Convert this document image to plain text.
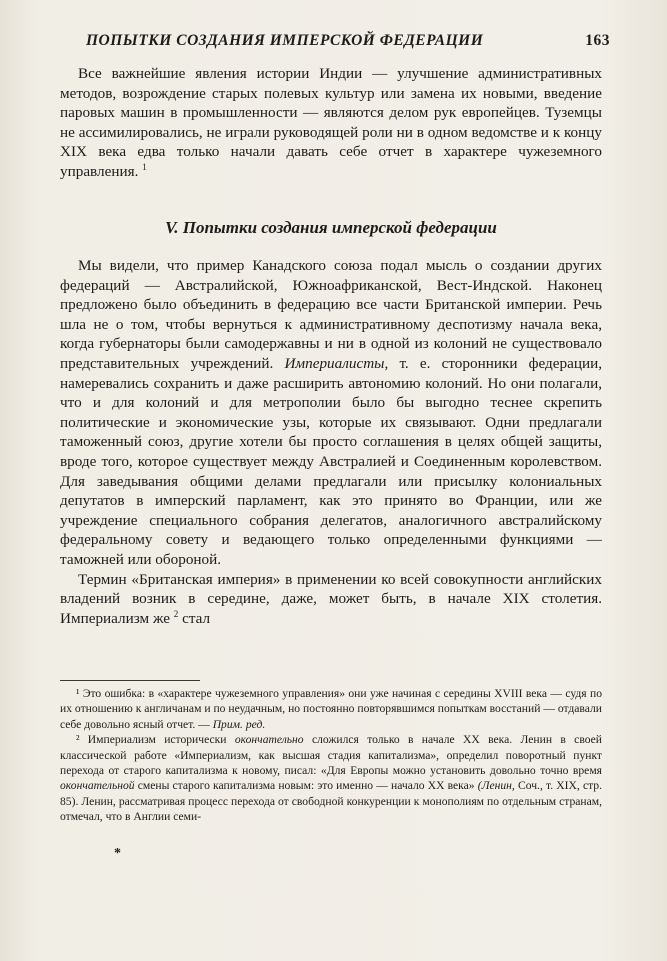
ПОПЫТКИ СОЗДАНИЯ ИМПЕРСКОЙ ФЕДЕРАЦИИ	163

Все важнейшие явления истории Индии — улучшение административных методов, возрождение старых полевых культур или замена их новыми, введение паровых машин в промышленности — являются делом рук европейцев. Туземцы не ассимилировались, не играли руководящей роли ни в одном ведомстве и к концу XIX века едва только начали давать себе отчет в характере чужеземного управления. $^1$

V. Попытки создания имперской федерации

Мы видели, что пример Канадского союза подал мысль о создании других федераций — Австралийской, Южноафриканской, Вест-Индской. Наконец предложено было объединить в федерацию все части Британской империи. Речь шла не о том, чтобы вернуться к административному деспотизму начала века, когда губернаторы были самодержавны и ни в одной из колоний не существовало представительных учреждений. Империалисты, т. е. сторонники федерации, намеревались сохранить и даже расширить автономию колоний. Но они полагали, что и для колоний и для метрополии было бы выгодно теснее скрепить политические и экономические узы, которые их связывают. Одни предлагали таможенный союз, другие хотели бы просто соглашения в целях общей защиты, вроде того, которое существует между Австралией и Соединенным королевством. Для заведывания общими делами предлагали или присылку колониальных депутатов в имперский парламент, как это принято во Франции, или же учреждение специального собрания делегатов, аналогичного австралийскому федеральному совету и ведающего только определенными функциями — таможней или обороной.

Термин «Британская империя» в применении ко всей совокупности английских владений возник в середине, даже, может быть, в начале XIX столетия. Империализм же $^2$ стал

¹ Это ошибка: в «характере чужеземного управления» они уже начиная с середины XVIII века — судя по их отношению к англичанам и по неудачным, но постоянно повторявшимся попыткам восстаний — отдавали себе довольно ясный отчет. — Прим. ред.

² Империализм исторически окончательно сложился только в начале XX века. Ленин в своей классической работе «Империализм, как высшая стадия капитализма», определил поворотный пункт перехода от старого капитализма к новому, писал: «Для Европы можно установить довольно точно время окончательной смены старого капитализма новым: это именно — начало XX века» (Ленин, Соч., т. XIX, стр. 85). Ленин, рассматривая процесс перехода от свободной конкуренции к монополиям по отдельным странам, отмечал, что в Англии семи-

*
